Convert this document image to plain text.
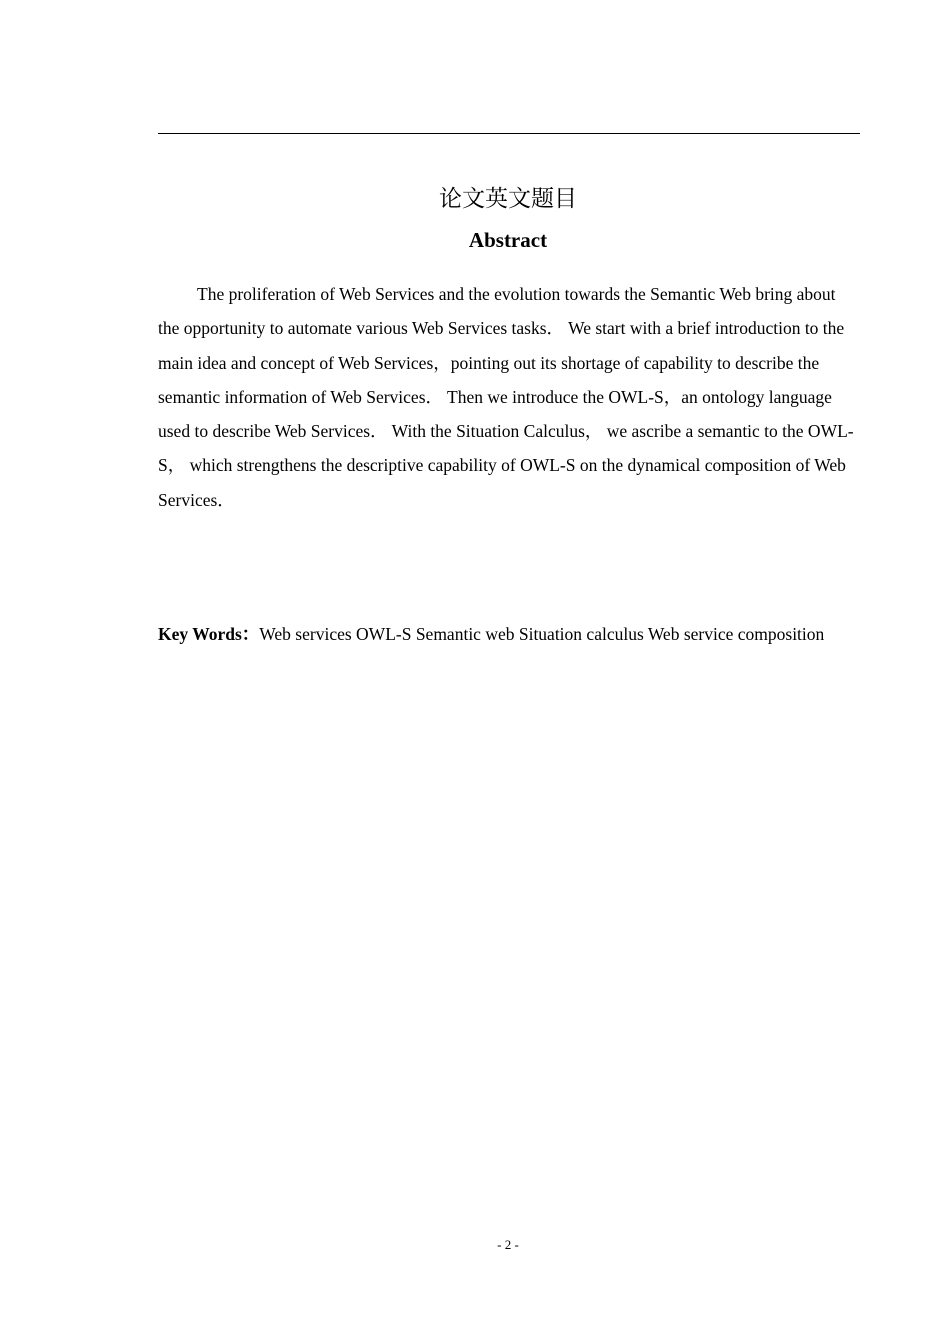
论文英文题目
Abstract

The proliferation of Web Services and the evolution towards the Semantic Web bring about the opportunity to automate various Web Services tasks． We start with a brief introduction to the main idea and concept of Web Services，pointing out its shortage of capability to describe the semantic information of Web Services． Then we introduce the OWL-S，an ontology language used to describe Web Services． With the Situation Calculus， we ascribe a semantic to the OWL-S， which strengthens the descriptive capability of OWL-S on the dynamical composition of Web Services．

Key Words：Web services OWL-S Semantic web Situation calculus Web service composition

- 2 -
